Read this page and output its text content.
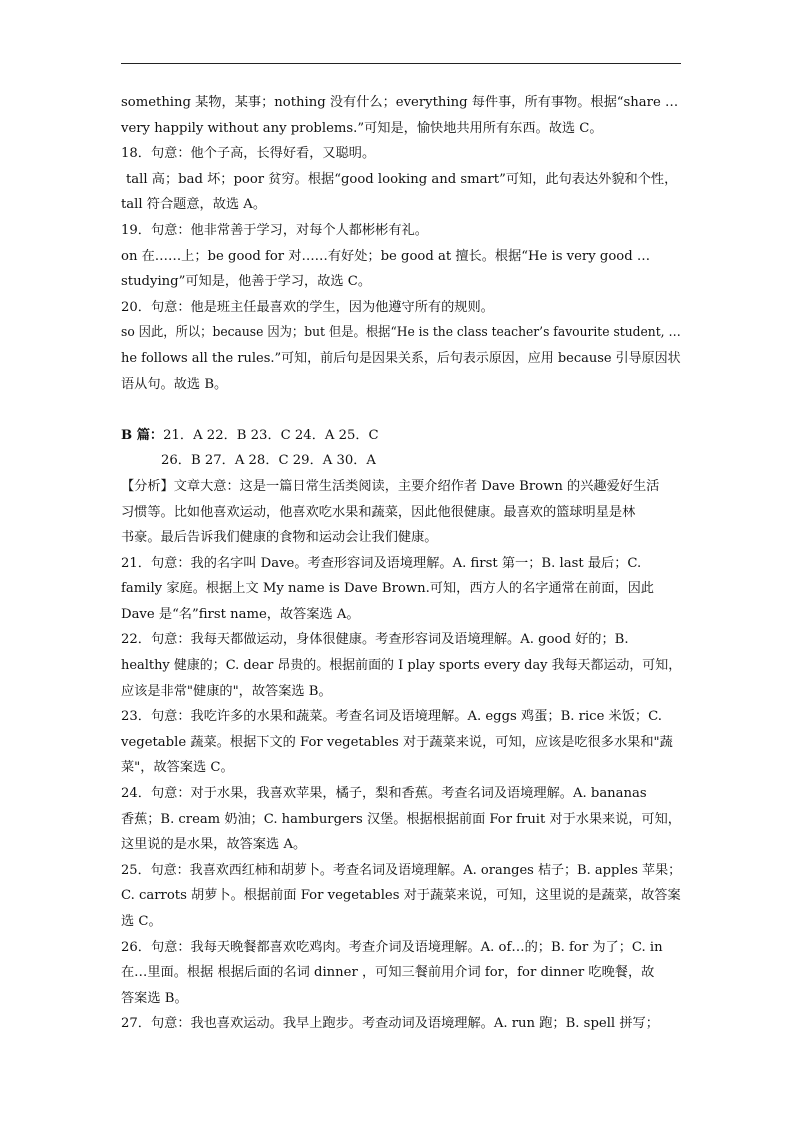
something 某物，某事；nothing 没有什么；everything 每件事，所有事物。根据“share …
very happily without any problems.”可知是，愉快地共用所有东西。故选 C。
18．句意：他个子高，长得好看，又聪明。
tall 高；bad 坏；poor 贫穷。根据“good looking and smart”可知，此句表达外貌和个性，
tall 符合题意，故选 A。
19．句意：他非常善于学习，对每个人都彬彬有礼。
on 在……上；be good for 对……有好处；be good at 擅长。根据“He is very good …
studying”可知是，他善于学习，故选 C。
20．句意：他是班主任最喜欢的学生，因为他遵守所有的规则。
so 因此，所以；because 因为；but 但是。根据“He is the class teacher’s favourite student, …
he follows all the rules.”可知，前后句是因果关系，后句表示原因，应用 because 引导原因状
语从句。故选 B。
B 篇：21．A 22．B 23．C 24．A 25．C
26．B 27．A 28．C 29．A 30．A
【分析】文章大意：这是一篇日常生活类阅读，主要介绍作者 Dave Brown 的兴趣爱好生活
习惯等。比如他喜欢运动，他喜欢吃水果和蔬菜，因此他很健康。最喜欢的篮球明星是林
书豪。最后告诉我们健康的食物和运动会让我们健康。
21．句意：我的名字叫 Dave。考查形容词及语境理解。A. first 第一；B. last 最后；C.
family 家庭。根据上文 My name is Dave Brown.可知，西方人的名字通常在前面，因此
Dave 是“名”first name，故答案选 A。
22．句意：我每天都做运动，身体很健康。考查形容词及语境理解。A. good 好的；B.
healthy 健康的；C. dear 昂贵的。根据前面的 I play sports every day 我每天都运动，可知，
应该是非常"健康的"，故答案选 B。
23．句意：我吃许多的水果和蔬菜。考查名词及语境理解。A. eggs 鸡蛋；B. rice 米饭；C.
vegetable 蔬菜。根据下文的 For vegetables 对于蔬菜来说，可知，应该是吃很多水果和"蔬
菜"，故答案选 C。
24．句意：对于水果，我喜欢苹果，橘子，梨和香蕉。考查名词及语境理解。A. bananas
香蕉；B. cream 奶油；C. hamburgers 汉堡。根据根据前面 For fruit 对于水果来说，可知，
这里说的是水果，故答案选 A。
25．句意：我喜欢西红柿和胡萝卜。考查名词及语境理解。A. oranges 桔子；B. apples 苹果；
C. carrots 胡萝卜。根据前面 For vegetables 对于蔬菜来说，可知，这里说的是蔬菜，故答案
选 C。
26．句意：我每天晚餐都喜欢吃鸡肉。考查介词及语境理解。A. of…的；B. for 为了；C. in
在…里面。根据 根据后面的名词 dinner ，可知三餐前用介词 for，for dinner 吃晚餐，故
答案选 B。
27．句意：我也喜欢运动。我早上跑步。考查动词及语境理解。A. run 跑；B. spell 拼写；
